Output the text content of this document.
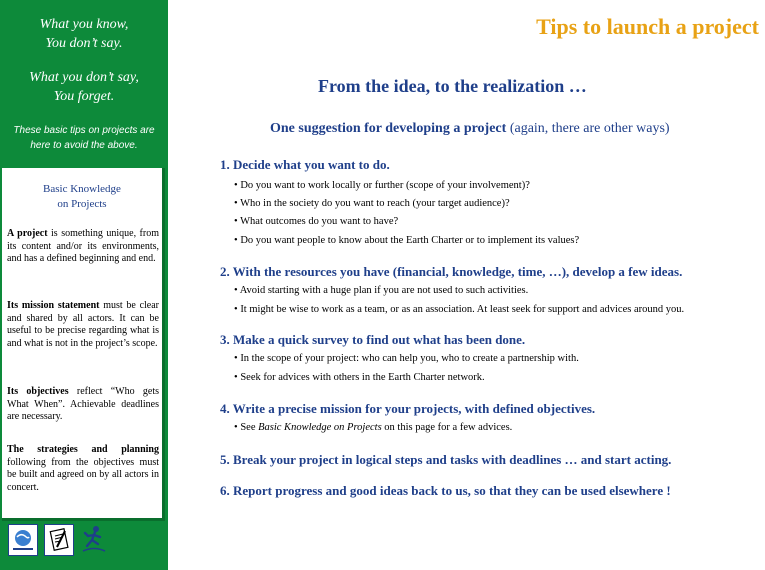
What you know,
You don’t say.
What you don’t say,
You forget.
These basic tips on projects are
here to avoid the above.
Basic Knowledge
on Projects
A project is something unique, from its content and/or its environments, and has a defined beginning and end.
Its mission statement must be clear and shared by all actors. It can be useful to be precise regarding what is and what is not in the project’s scope.
Its objectives reflect “Who gets What When”. Achievable deadlines are necessary.
The strategies and planning following from the objectives must be built and agreed on by all actors in concert.
Tips to launch a project
From the idea, to the realization …
One suggestion for developing a project (again, there are other ways)
1. Decide what you want to do.
• Do you want to work locally or further (scope of your involvement)?
• Who in the society do you want to reach (your target audience)?
• What outcomes do you want to have?
• Do you want people to know about the Earth Charter or to implement its values?
2. With the resources you have (financial, knowledge, time, …), develop a few ideas.
• Avoid starting with a huge plan if you are not used to such activities.
• It might be wise to work as a team, or as an association. At least seek for support and advices around you.
3. Make a quick survey to find out what has been done.
• In the scope of your project: who can help you, who to create a partnership with.
• Seek for advices with others in the Earth Charter network.
4. Write a precise mission for your projects, with defined objectives.
• See Basic Knowledge on Projects on this page for a few advices.
5. Break your project in logical steps and tasks with deadlines … and start acting.
6. Report progress and good ideas back to us, so that they can be used elsewhere !
